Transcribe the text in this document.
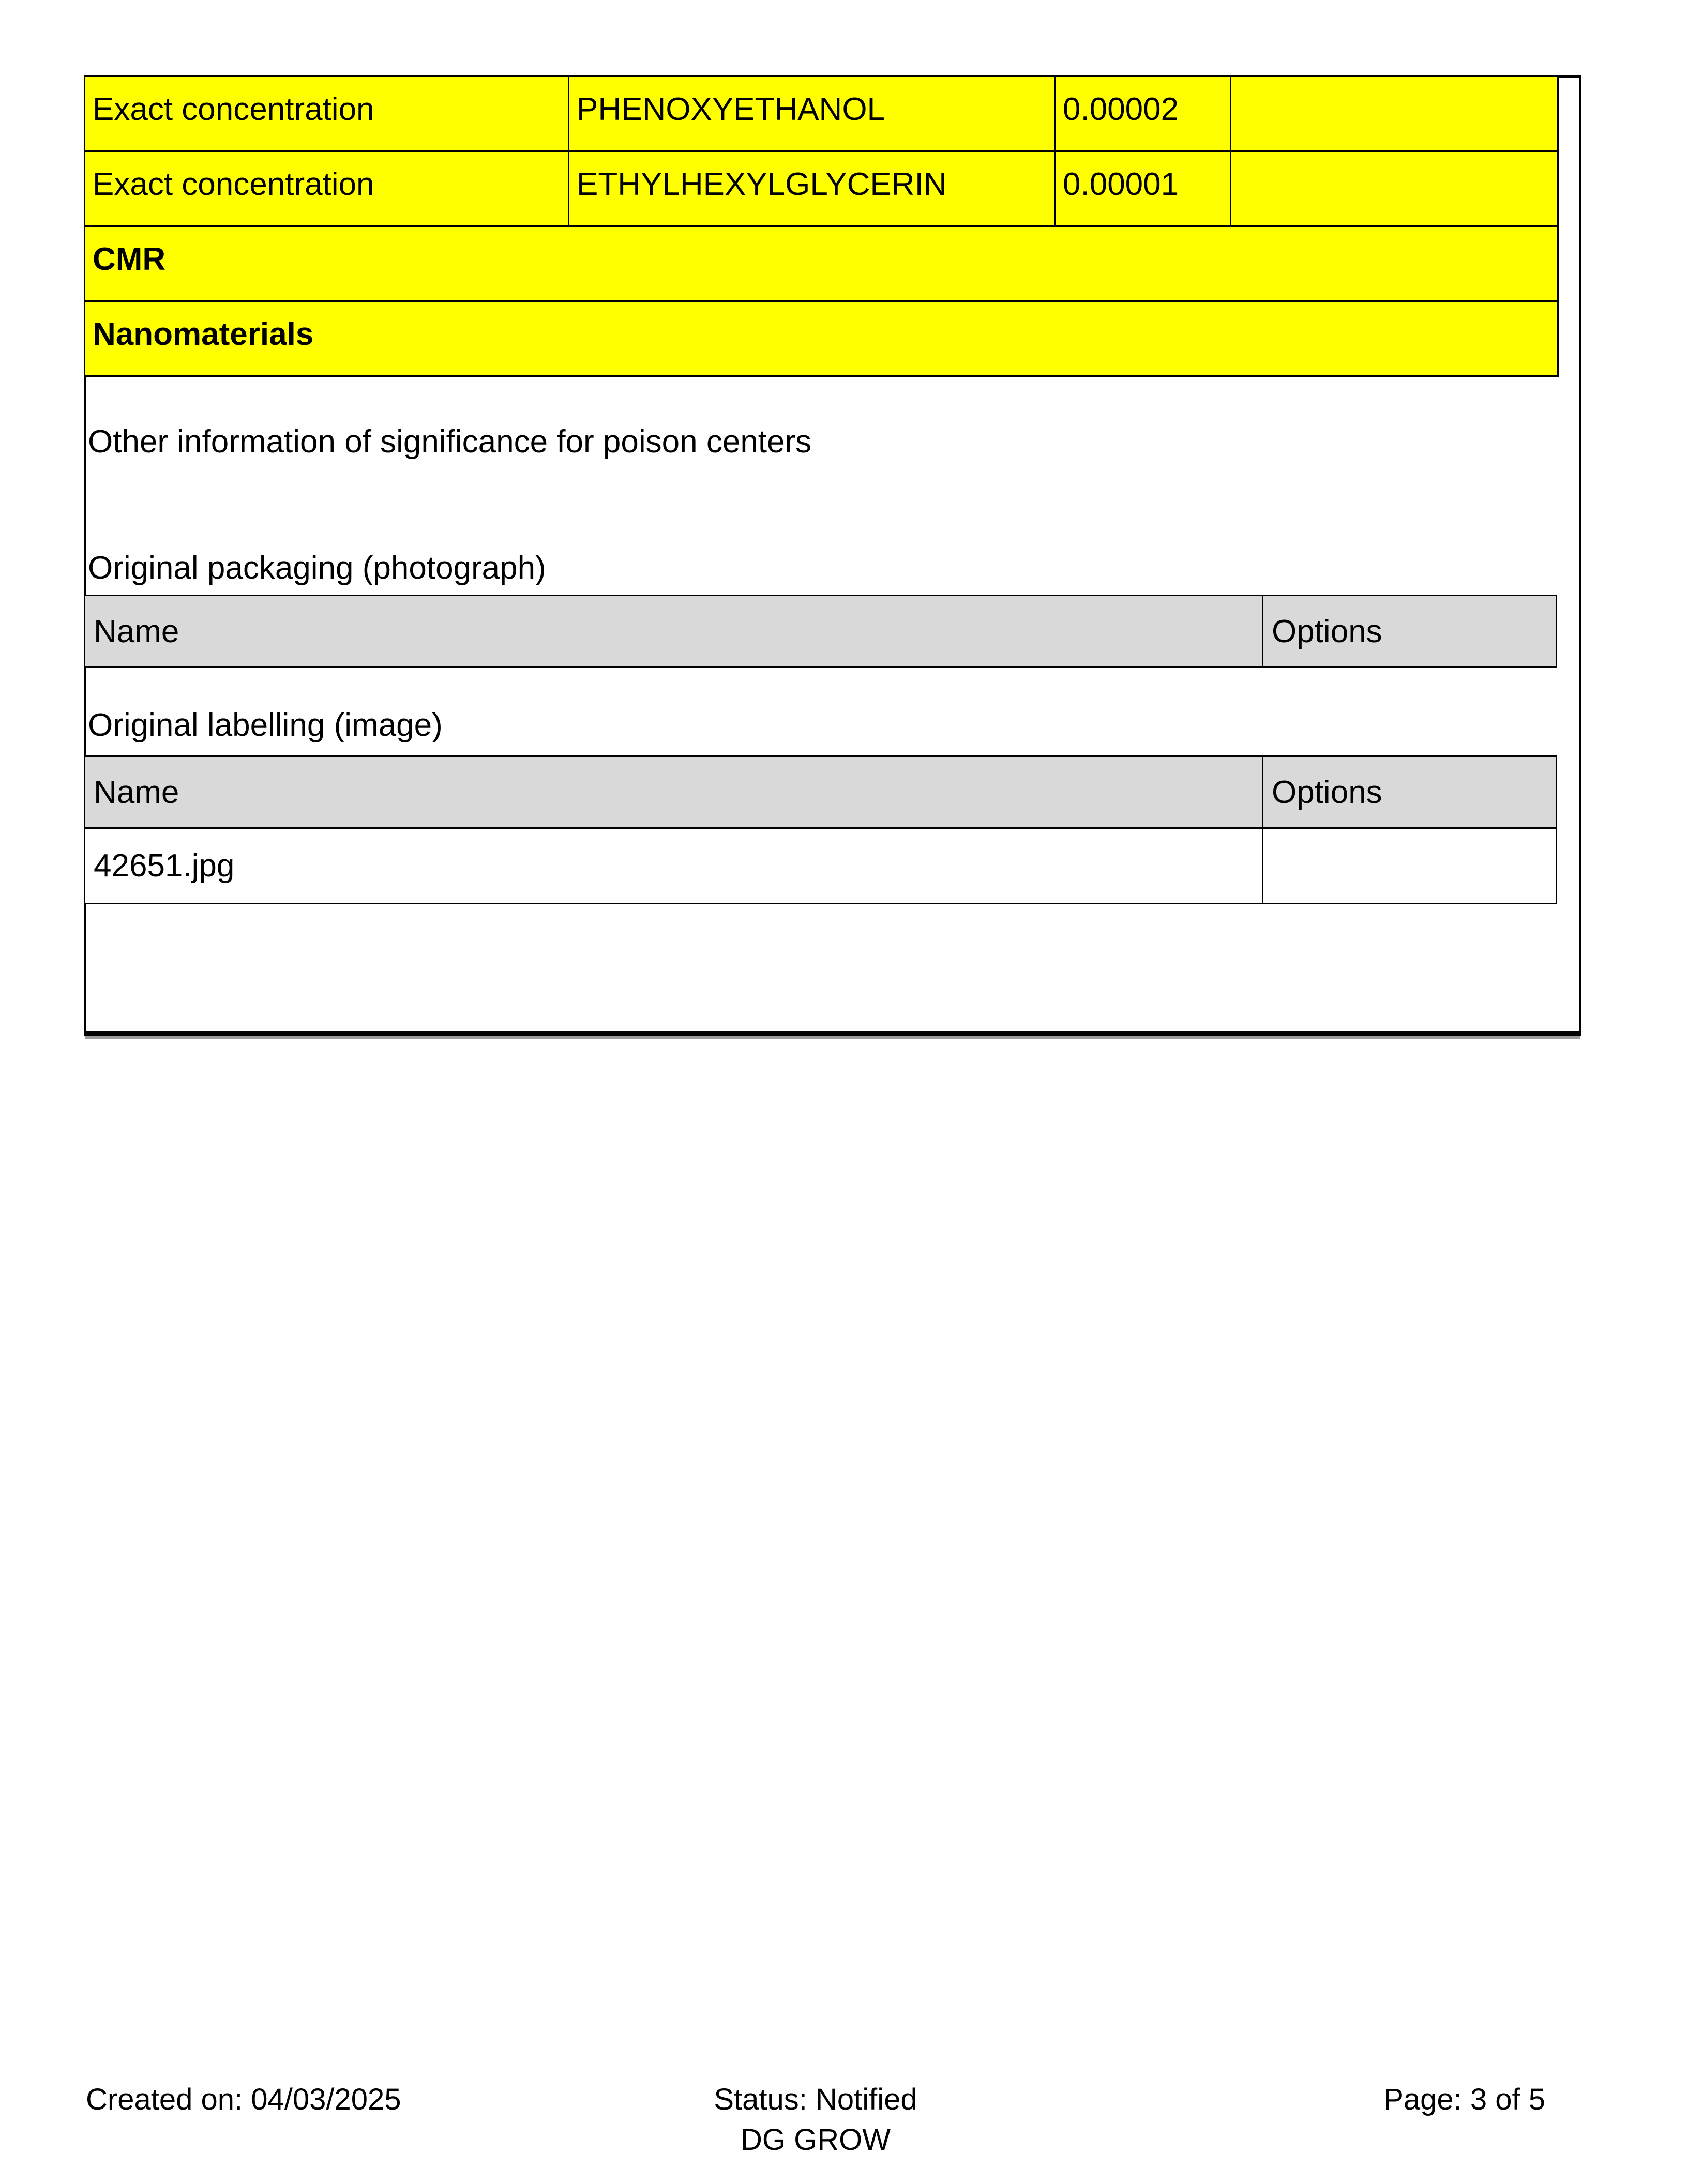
Exact concentration	PHENOXYETHANOL	0.00002	
Exact concentration	ETHYLHEXYLGLYCERIN	0.00001	
CMR			
Nanomaterials			
Other information of significance for poison centers
Original packaging (photograph)
Name	Options
Original labelling (image)
Name	Options
42651.jpg
Created on: 04/03/2025	Status: Notified
DG GROW
Page: 3 of 5
